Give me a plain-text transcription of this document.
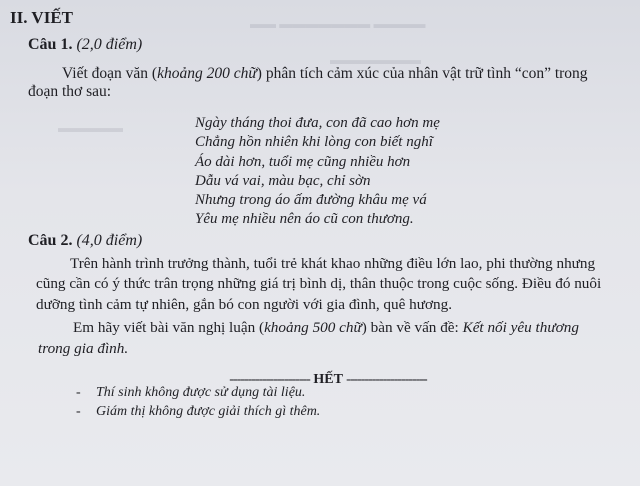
▬▬ ▬▬▬▬▬▬▬ ▬▬▬▬
▬▬▬▬▬▬▬
▬▬▬▬▬
II. VIẾT
Câu 1. (2,0 điểm)
Viết đoạn văn (khoảng 200 chữ) phân tích cảm xúc của nhân vật trữ tình “con” trong
đoạn thơ sau:
Ngày tháng thoi đưa, con đã cao hơn mẹ
Chẳng hồn nhiên khi lòng con biết nghĩ
Áo dài hơn, tuổi mẹ cũng nhiều hơn
Dẫu vá vai, màu bạc, chỉ sờn
Nhưng trong áo ấm đường khâu mẹ vá
Yêu mẹ nhiều nên áo cũ con thương.
Câu 2. (4,0 điểm)
Trên hành trình trưởng thành, tuổi trẻ khát khao những điều lớn lao, phi thường nhưng
cũng cần có ý thức trân trọng những giá trị bình dị, thân thuộc trong cuộc sống. Điều đó nuôi
dưỡng tình cảm tự nhiên, gắn bó con người với gia đình, quê hương.
Em hãy viết bài văn nghị luận (khoảng 500 chữ) bàn về vấn đề: Kết nối yêu thương
trong gia đình.
---------------------- HẾT ----------------------
- Thí sinh không được sử dụng tài liệu.
- Giám thị không được giải thích gì thêm.
